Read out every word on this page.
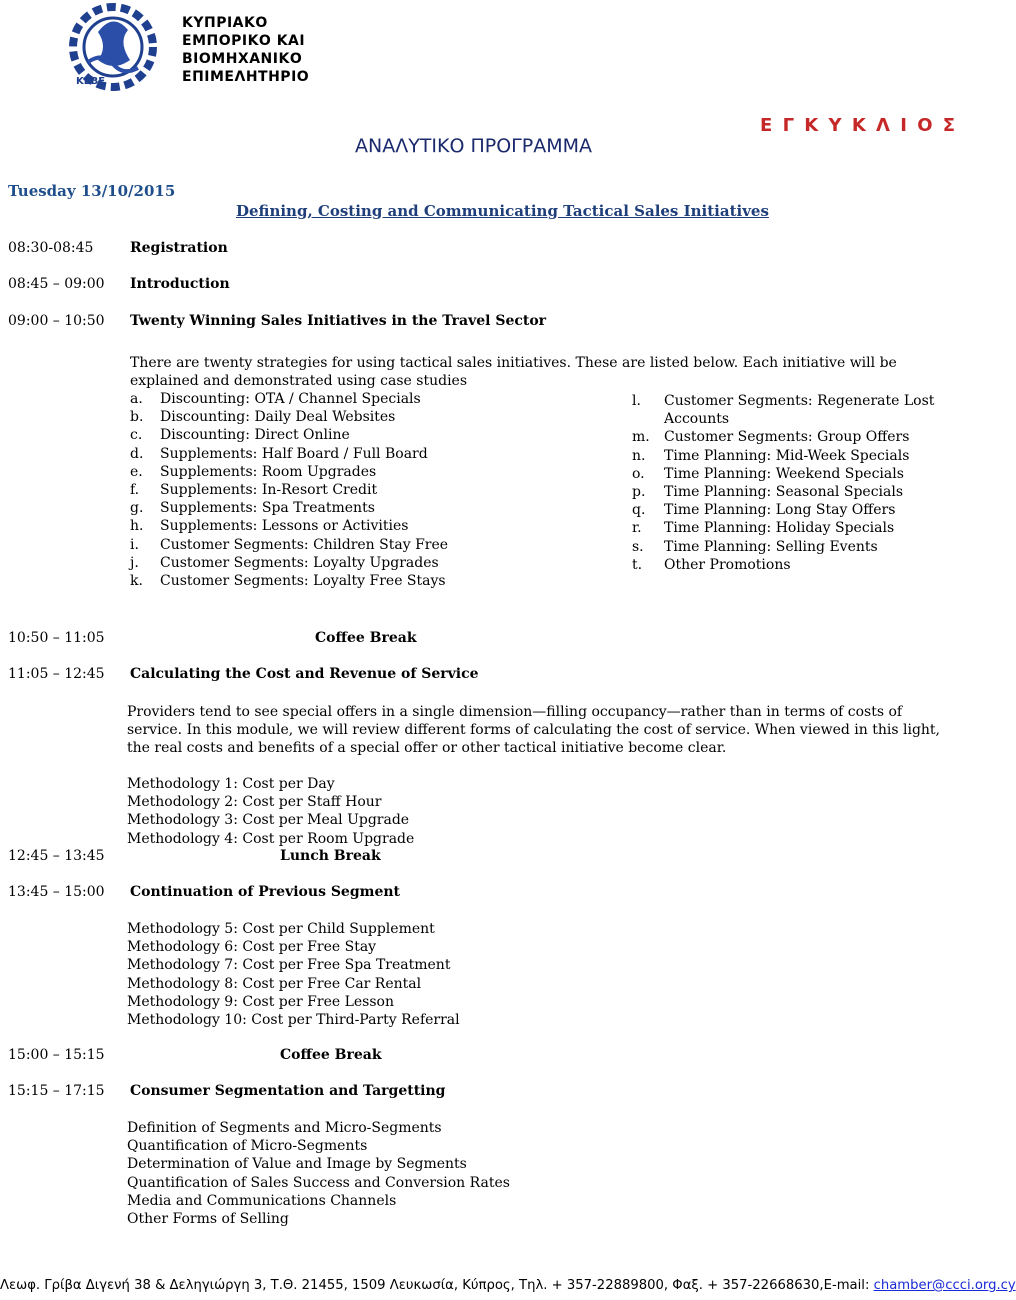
ΚΕΒΕ
ΚΥΠΡΙΑΚΟ
ΕΜΠΟΡΙΚΟ ΚΑΙ
ΒΙΟΜΗΧΑΝΙΚΟ
ΕΠΙΜΕΛΗΤΗΡΙΟ
Ε Γ Κ Υ Κ Λ Ι Ο Σ
ΑΝΑΛΥΤΙΚΟ ΠΡΟΓΡΑΜΜΑ
Tuesday 13/10/2015
Defining, Costing and Communicating Tactical Sales Initiatives
08:30-08:45	Registration
08:45 – 09:00 Introduction
09:00 – 10:50 Twenty Winning Sales Initiatives in the Travel Sector
There are twenty strategies for using tactical sales initiatives. These are listed below. Each initiative will be explained and demonstrated using case studies
a. Discounting: OTA / Channel Specials
b. Discounting: Daily Deal Websites
c. Discounting: Direct Online
d. Supplements: Half Board / Full Board
e. Supplements: Room Upgrades
f. Supplements: In-Resort Credit
g. Supplements: Spa Treatments
h. Supplements: Lessons or Activities
i. Customer Segments: Children Stay Free
j. Customer Segments: Loyalty Upgrades
k. Customer Segments: Loyalty Free Stays
l. Customer Segments: Regenerate Lost
Accounts
m. Customer Segments: Group Offers
n. Time Planning: Mid-Week Specials
o. Time Planning: Weekend Specials
p. Time Planning: Seasonal Specials
q. Time Planning: Long Stay Offers
r. Time Planning: Holiday Specials
s. Time Planning: Selling Events
t. Other Promotions
10:50 – 11:05	Coffee Break
11:05 – 12:45 Calculating the Cost and Revenue of Service
Providers tend to see special offers in a single dimension—filling occupancy—rather than in terms of costs of service. In this module, we will review different forms of calculating the cost of service. When viewed in this light, the real costs and benefits of a special offer or other tactical initiative become clear.
Methodology 1: Cost per Day
Methodology 2: Cost per Staff Hour
Methodology 3: Cost per Meal Upgrade
Methodology 4: Cost per Room Upgrade
12:45 – 13:45	Lunch Break
13:45 – 15:00 Continuation of Previous Segment
Methodology 5: Cost per Child Supplement
Methodology 6: Cost per Free Stay
Methodology 7: Cost per Free Spa Treatment
Methodology 8: Cost per Free Car Rental
Methodology 9: Cost per Free Lesson
Methodology 10: Cost per Third-Party Referral
15:00 – 15:15	Coffee Break
15:15 – 17:15 Consumer Segmentation and Targetting
Definition of Segments and Micro-Segments
Quantification of Micro-Segments
Determination of Value and Image by Segments
Quantification of Sales Success and Conversion Rates
Media and Communications Channels
Other Forms of Selling
Λεωφ. Γρίβα Διγενή 38 & Δεληγιώργη 3, Τ.Θ. 21455, 1509 Λευκωσία, Κύπρος, Τηλ. + 357-22889800, Φαξ. + 357-22668630,E-mail: chamber@ccci.org.cy
